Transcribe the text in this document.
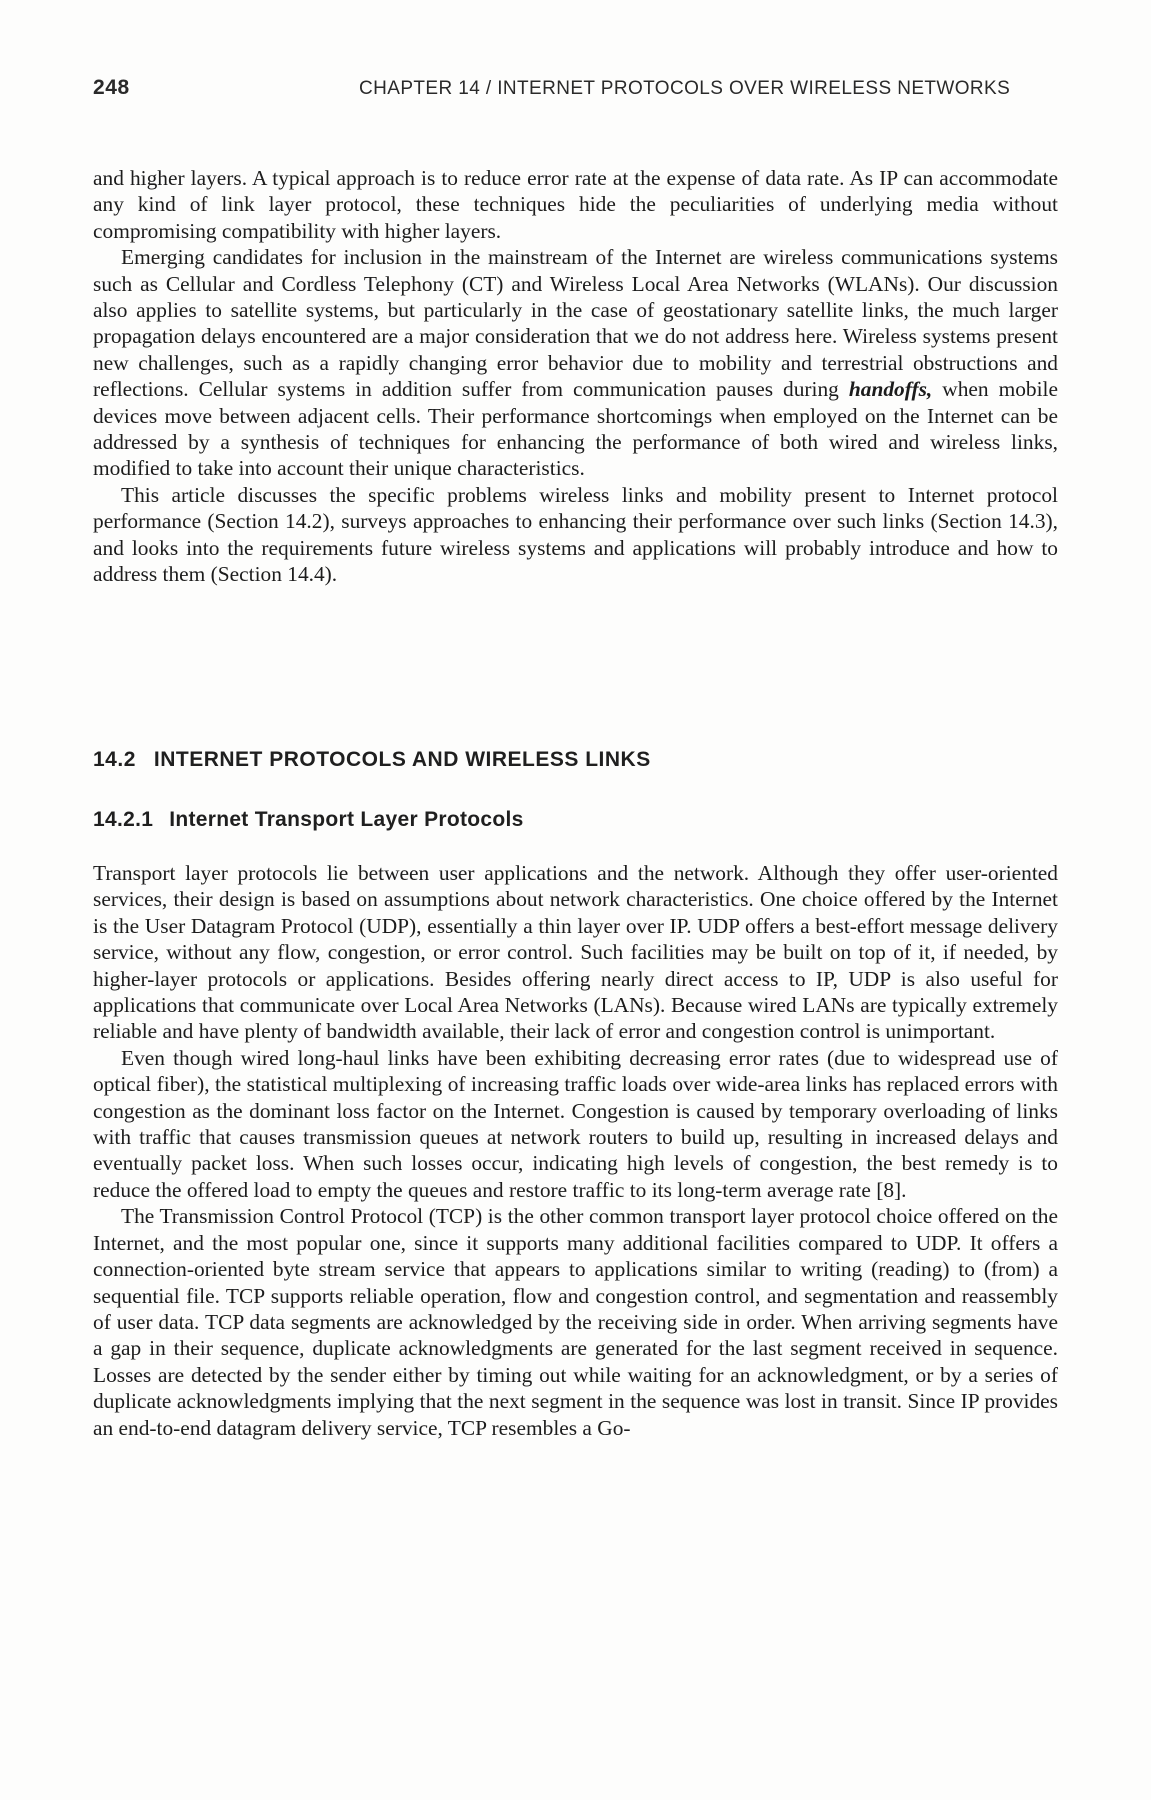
248	CHAPTER 14 / INTERNET PROTOCOLS OVER WIRELESS NETWORKS

and higher layers. A typical approach is to reduce error rate at the expense of data rate. As IP can accommodate any kind of link layer protocol, these techniques hide the peculiarities of underlying media without compromising compatibility with higher layers.

Emerging candidates for inclusion in the mainstream of the Internet are wireless communications systems such as Cellular and Cordless Telephony (CT) and Wireless Local Area Networks (WLANs). Our discussion also applies to satellite systems, but particularly in the case of geostationary satellite links, the much larger propagation delays encountered are a major consideration that we do not address here. Wireless systems present new challenges, such as a rapidly changing error behavior due to mobility and terrestrial obstructions and reflections. Cellular systems in addition suffer from communication pauses during handoffs, when mobile devices move between adjacent cells. Their performance shortcomings when employed on the Internet can be addressed by a synthesis of techniques for enhancing the performance of both wired and wireless links, modified to take into account their unique characteristics.

This article discusses the specific problems wireless links and mobility present to Internet protocol performance (Section 14.2), surveys approaches to enhancing their performance over such links (Section 14.3), and looks into the requirements future wireless systems and applications will probably introduce and how to address them (Section 14.4).

14.2 INTERNET PROTOCOLS AND WIRELESS LINKS
14.2.1 Internet Transport Layer Protocols

Transport layer protocols lie between user applications and the network. Although they offer user-oriented services, their design is based on assumptions about network characteristics. One choice offered by the Internet is the User Datagram Protocol (UDP), essentially a thin layer over IP. UDP offers a best-effort message delivery service, without any flow, congestion, or error control. Such facilities may be built on top of it, if needed, by higher-layer protocols or applications. Besides offering nearly direct access to IP, UDP is also useful for applications that communicate over Local Area Networks (LANs). Because wired LANs are typically extremely reliable and have plenty of bandwidth available, their lack of error and congestion control is unimportant.

Even though wired long-haul links have been exhibiting decreasing error rates (due to widespread use of optical fiber), the statistical multiplexing of increasing traffic loads over wide-area links has replaced errors with congestion as the dominant loss factor on the Internet. Congestion is caused by temporary overloading of links with traffic that causes transmission queues at network routers to build up, resulting in increased delays and eventually packet loss. When such losses occur, indicating high levels of congestion, the best remedy is to reduce the offered load to empty the queues and restore traffic to its long-term average rate [8].

The Transmission Control Protocol (TCP) is the other common transport layer protocol choice offered on the Internet, and the most popular one, since it supports many additional facilities compared to UDP. It offers a connection-oriented byte stream service that appears to applications similar to writing (reading) to (from) a sequential file. TCP supports reliable operation, flow and congestion control, and segmentation and reassembly of user data. TCP data segments are acknowledged by the receiving side in order. When arriving segments have a gap in their sequence, duplicate acknowledgments are generated for the last segment received in sequence. Losses are detected by the sender either by timing out while waiting for an acknowledgment, or by a series of duplicate acknowledgments implying that the next segment in the sequence was lost in transit. Since IP provides an end-to-end datagram delivery service, TCP resembles a Go-
